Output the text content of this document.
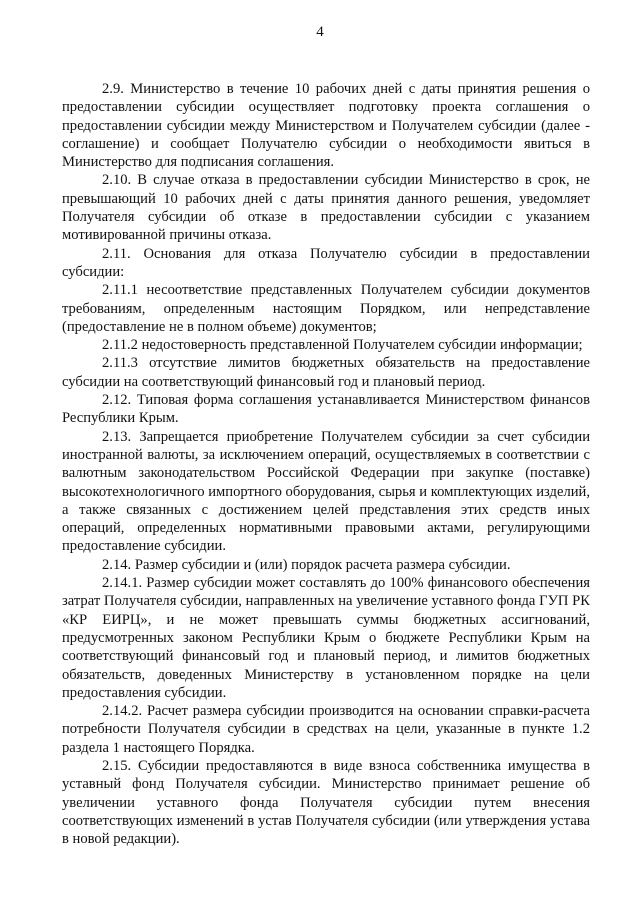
4

2.9. Министерство в течение 10 рабочих дней с даты принятия решения о предоставлении субсидии осуществляет подготовку проекта соглашения о предоставлении субсидии между Министерством и Получателем субсидии (далее - соглашение) и сообщает Получателю субсидии о необходимости явиться в Министерство для подписания соглашения.

2.10. В случае отказа в предоставлении субсидии Министерство в срок, не превышающий 10 рабочих дней с даты принятия данного решения, уведомляет Получателя субсидии об отказе в предоставлении субсидии с указанием мотивированной причины отказа.

2.11. Основания для отказа Получателю субсидии в предоставлении субсидии:

2.11.1 несоответствие представленных Получателем субсидии документов требованиям, определенным настоящим Порядком, или непредставление (предоставление не в полном объеме) документов;

2.11.2 недостоверность представленной Получателем субсидии информации;

2.11.3 отсутствие лимитов бюджетных обязательств на предоставление субсидии на соответствующий финансовый год и плановый период.

2.12. Типовая форма соглашения устанавливается Министерством финансов Республики Крым.

2.13. Запрещается приобретение Получателем субсидии за счет субсидии иностранной валюты, за исключением операций, осуществляемых в соответствии с валютным законодательством Российской Федерации при закупке (поставке) высокотехнологичного импортного оборудования, сырья и комплектующих изделий, а также связанных с достижением целей представления этих средств иных операций, определенных нормативными правовыми актами, регулирующими предоставление субсидии.

2.14. Размер субсидии и (или) порядок расчета размера субсидии.

2.14.1. Размер субсидии может составлять до 100% финансового обеспечения затрат Получателя субсидии, направленных на увеличение уставного фонда ГУП РК «КР ЕИРЦ», и не может превышать суммы бюджетных ассигнований, предусмотренных законом Республики Крым о бюджете Республики Крым на соответствующий финансовый год и плановый период, и лимитов бюджетных обязательств, доведенных Министерству в установленном порядке на цели предоставления субсидии.

2.14.2. Расчет размера субсидии производится на основании справки-расчета потребности Получателя субсидии в средствах на цели, указанные в пункте 1.2 раздела 1 настоящего Порядка.

2.15. Субсидии предоставляются в виде взноса собственника имущества в уставный фонд Получателя субсидии. Министерство принимает решение об увеличении уставного фонда Получателя субсидии путем внесения соответствующих изменений в устав Получателя субсидии (или утверждения устава в новой редакции).
